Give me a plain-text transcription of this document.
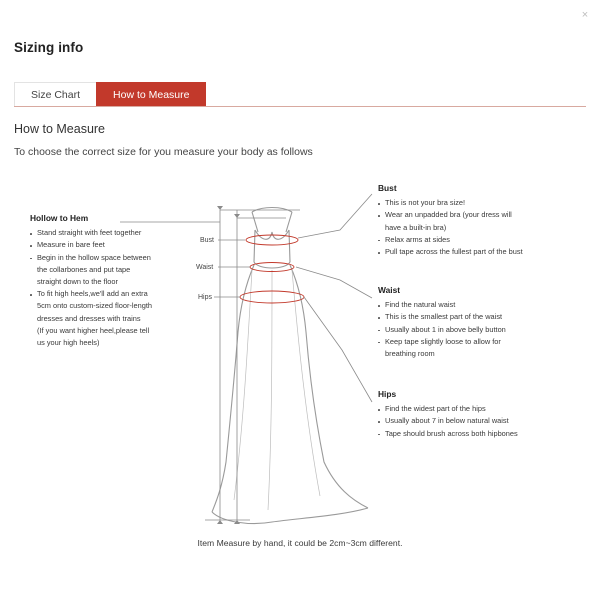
×
Sizing info
Size Chart	How to Measure
How to Measure
To choose the correct size for you measure your body as follows
Bust
Waist
Hips
Hollow to Hem
Stand straight with feet together
Measure in bare feet
Begin in the hollow space between
the collarbones and put tape
straight down to the floor
To fit high heels,we'll add an extra
5cm onto custom-sized floor-length
dresses and dresses with trains
(If you want higher heel,please tell
us your high heels)
Bust
This is not your bra size!
Wear an unpadded bra (your dress will
have a built-in bra)
Relax arms at sides
Pull tape across the fullest part of the bust
Waist
Find the natural waist
This is the smallest part of the waist
Usually about 1 in above belly button
Keep tape slightly loose to allow for
breathing room
Hips
Find the widest part of the hips
Usually about 7 in below natural waist
Tape should brush across both hipbones
Item Measure by hand, it could be 2cm~3cm different.
